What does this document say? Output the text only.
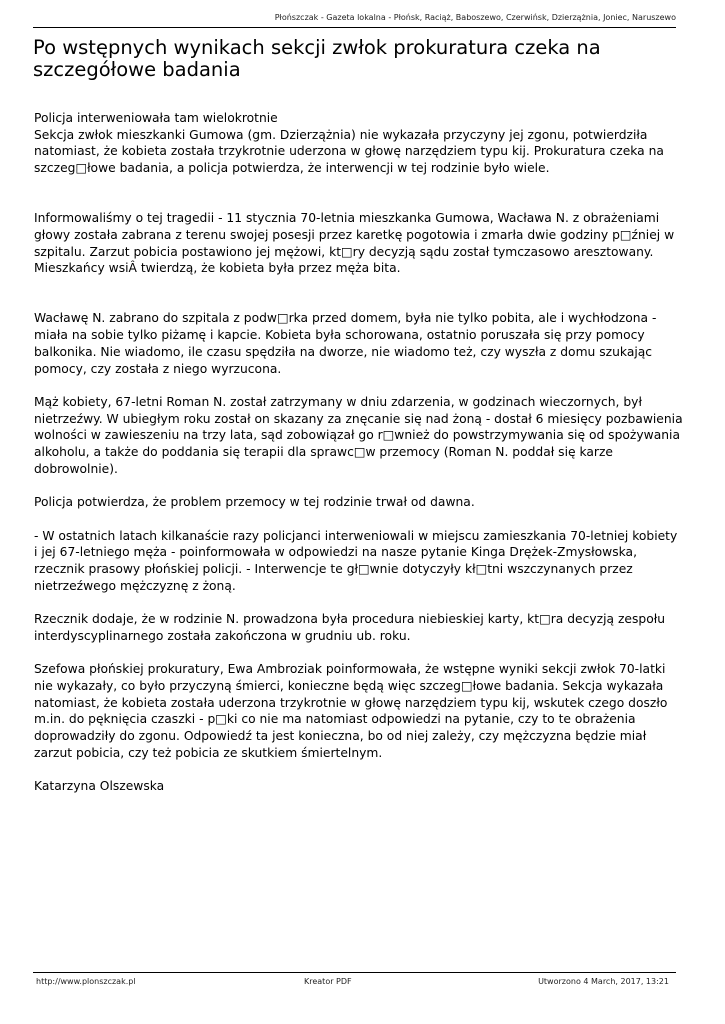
Płońszczak - Gazeta lokalna - Płońsk, Raciąż, Baboszewo, Czerwińsk, Dzierzążnia, Joniec, Naruszewo
Po wstępnych wynikach sekcji zwłok prokuratura czeka na szczegółowe badania

Policja interweniowała tam wielokrotnie
Sekcja zwłok mieszkanki Gumowa (gm. Dzierzążnia) nie wykazała przyczyny jej zgonu, potwierdziła natomiast, że kobieta została trzykrotnie uderzona w głowę narzędziem typu kij. Prokuratura czeka na szczeg□łowe badania, a policja potwierdza, że interwencji w tej rodzinie było wiele.

Informowaliśmy o tej tragedii - 11 stycznia 70-letnia mieszkanka Gumowa, Wacława N. z obrażeniami głowy została zabrana z terenu swojej posesji przez karetkę pogotowia i zmarła dwie godziny p□źniej w szpitalu. Zarzut pobicia postawiono jej mężowi, kt□ry decyzją sądu został tymczasowo aresztowany. Mieszkańcy wsiÂ twierdzą, że kobieta była przez męża bita.

Wacławę N. zabrano do szpitala z podw□rka przed domem, była nie tylko pobita, ale i wychłodzona - miała na sobie tylko piżamę i kapcie. Kobieta była schorowana, ostatnio poruszała się przy pomocy balkonika. Nie wiadomo, ile czasu spędziła na dworze, nie wiadomo też, czy wyszła z domu szukając pomocy, czy została z niego wyrzucona.

Mąż kobiety, 67-letni Roman N. został zatrzymany w dniu zdarzenia, w godzinach wieczornych, był nietrzeźwy. W ubiegłym roku został on skazany za znęcanie się nad żoną - dostał 6 miesięcy pozbawienia wolności w zawieszeniu na trzy lata, sąd zobowiązał go r□wnież do powstrzymywania się od spożywania alkoholu, a także do poddania się terapii dla sprawc□w przemocy (Roman N. poddał się karze dobrowolnie).

Policja potwierdza, że problem przemocy w tej rodzinie trwał od dawna.

- W ostatnich latach kilkanaście razy policjanci interweniowali w miejscu zamieszkania 70-letniej kobiety i jej 67-letniego męża - poinformowała w odpowiedzi na nasze pytanie Kinga Drężek-Zmysłowska, rzecznik prasowy płońskiej policji. - Interwencje te gł□wnie dotyczyły kł□tni wszczynanych przez nietrzeźwego mężczyznę z żoną.

Rzecznik dodaje, że w rodzinie N. prowadzona była procedura niebieskiej karty, kt□ra decyzją zespołu interdyscyplinarnego została zakończona w grudniu ub. roku.

Szefowa płońskiej prokuratury, Ewa Ambroziak poinformowała, że wstępne wyniki sekcji zwłok 70-latki nie wykazały, co było przyczyną śmierci, konieczne będą więc szczeg□łowe badania. Sekcja wykazała natomiast, że kobieta została uderzona trzykrotnie w głowę narzędziem typu kij, wskutek czego doszło m.in. do pęknięcia czaszki - p□ki co nie ma natomiast odpowiedzi na pytanie, czy to te obrażenia doprowadziły do zgonu. Odpowiedź ta jest konieczna, bo od niej zależy, czy mężczyzna będzie miał zarzut pobicia, czy też pobicia ze skutkiem śmiertelnym.

Katarzyna Olszewska

http://www.plonszczak.pl	Kreator PDF	Utworzono 4 March, 2017, 13:21
